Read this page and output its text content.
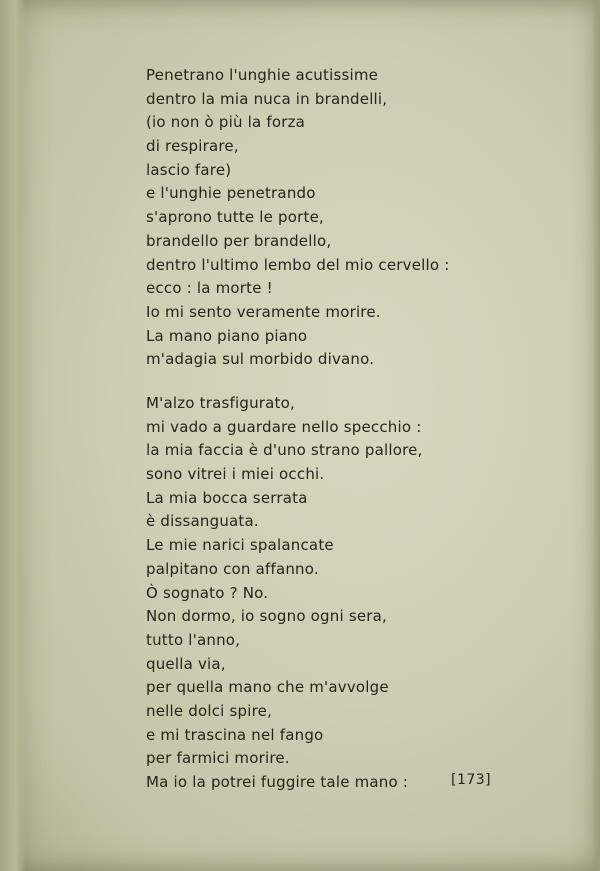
Penetrano l'unghie acutissime
dentro la mia nuca in brandelli,
(io non ò più la forza
di respirare,
lascio fare)
e l'unghie penetrando
s'aprono tutte le porte,
brandello per brandello,
dentro l'ultimo lembo del mio cervello :
ecco : la morte !
Io mi sento veramente morire.
La mano piano piano
m'adagia sul morbido divano.
M'alzo trasfigurato,
mi vado a guardare nello specchio :
la mia faccia è d'uno strano pallore,
sono vitrei i miei occhi.
La mia bocca serrata
è dissanguata.
Le mie narici spalancate
palpitano con affanno.
Ò sognato ? No.
Non dormo, io sogno ogni sera,
tutto l'anno,
quella via,
per quella mano che m'avvolge
nelle dolci spire,
e mi trascina nel fango
per farmici morire.
Ma io la potrei fuggire tale mano :	[173]
